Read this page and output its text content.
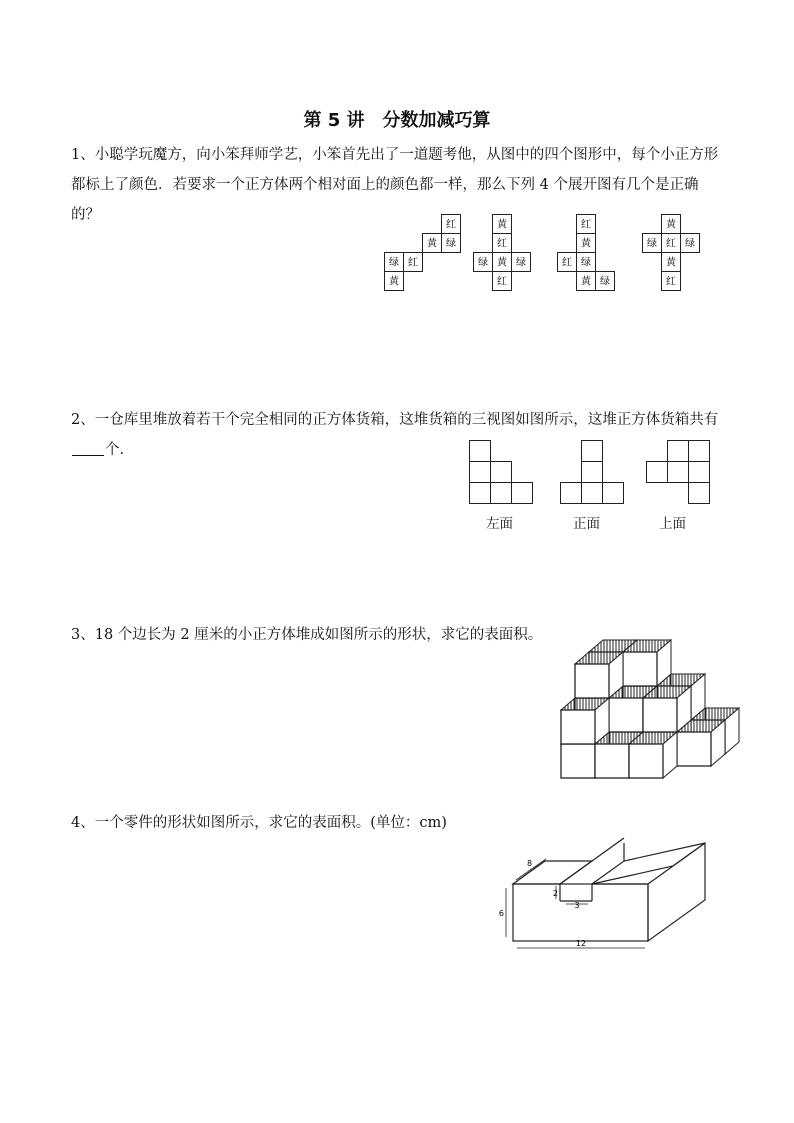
第 5 讲　分数加减巧算
1、小聪学玩魔方，向小笨拜师学艺，小笨首先出了一道题考他，从图中的四个图形中，每个小正方形都标上了颜色．若要求一个正方体两个相对面上的颜色都一样，那么下列 4 个展开图有几个是正确的？
红
黄 绿
绿 红
黄
黄
红
绿 黄 绿
红
红
黄
红 绿
黄 绿
黄
绿 红 绿
黄
红
2、一仓库里堆放着若干个完全相同的正方体货箱，这堆货箱的三视图如图所示，这堆正方体货箱共有个．
左面	正面	上面
3、18 个边长为 2 厘米的小正方体堆成如图所示的形状，求它的表面积。
4、一个零件的形状如图所示，求它的表面积。(单位：cm)
8
2
3
6
12
